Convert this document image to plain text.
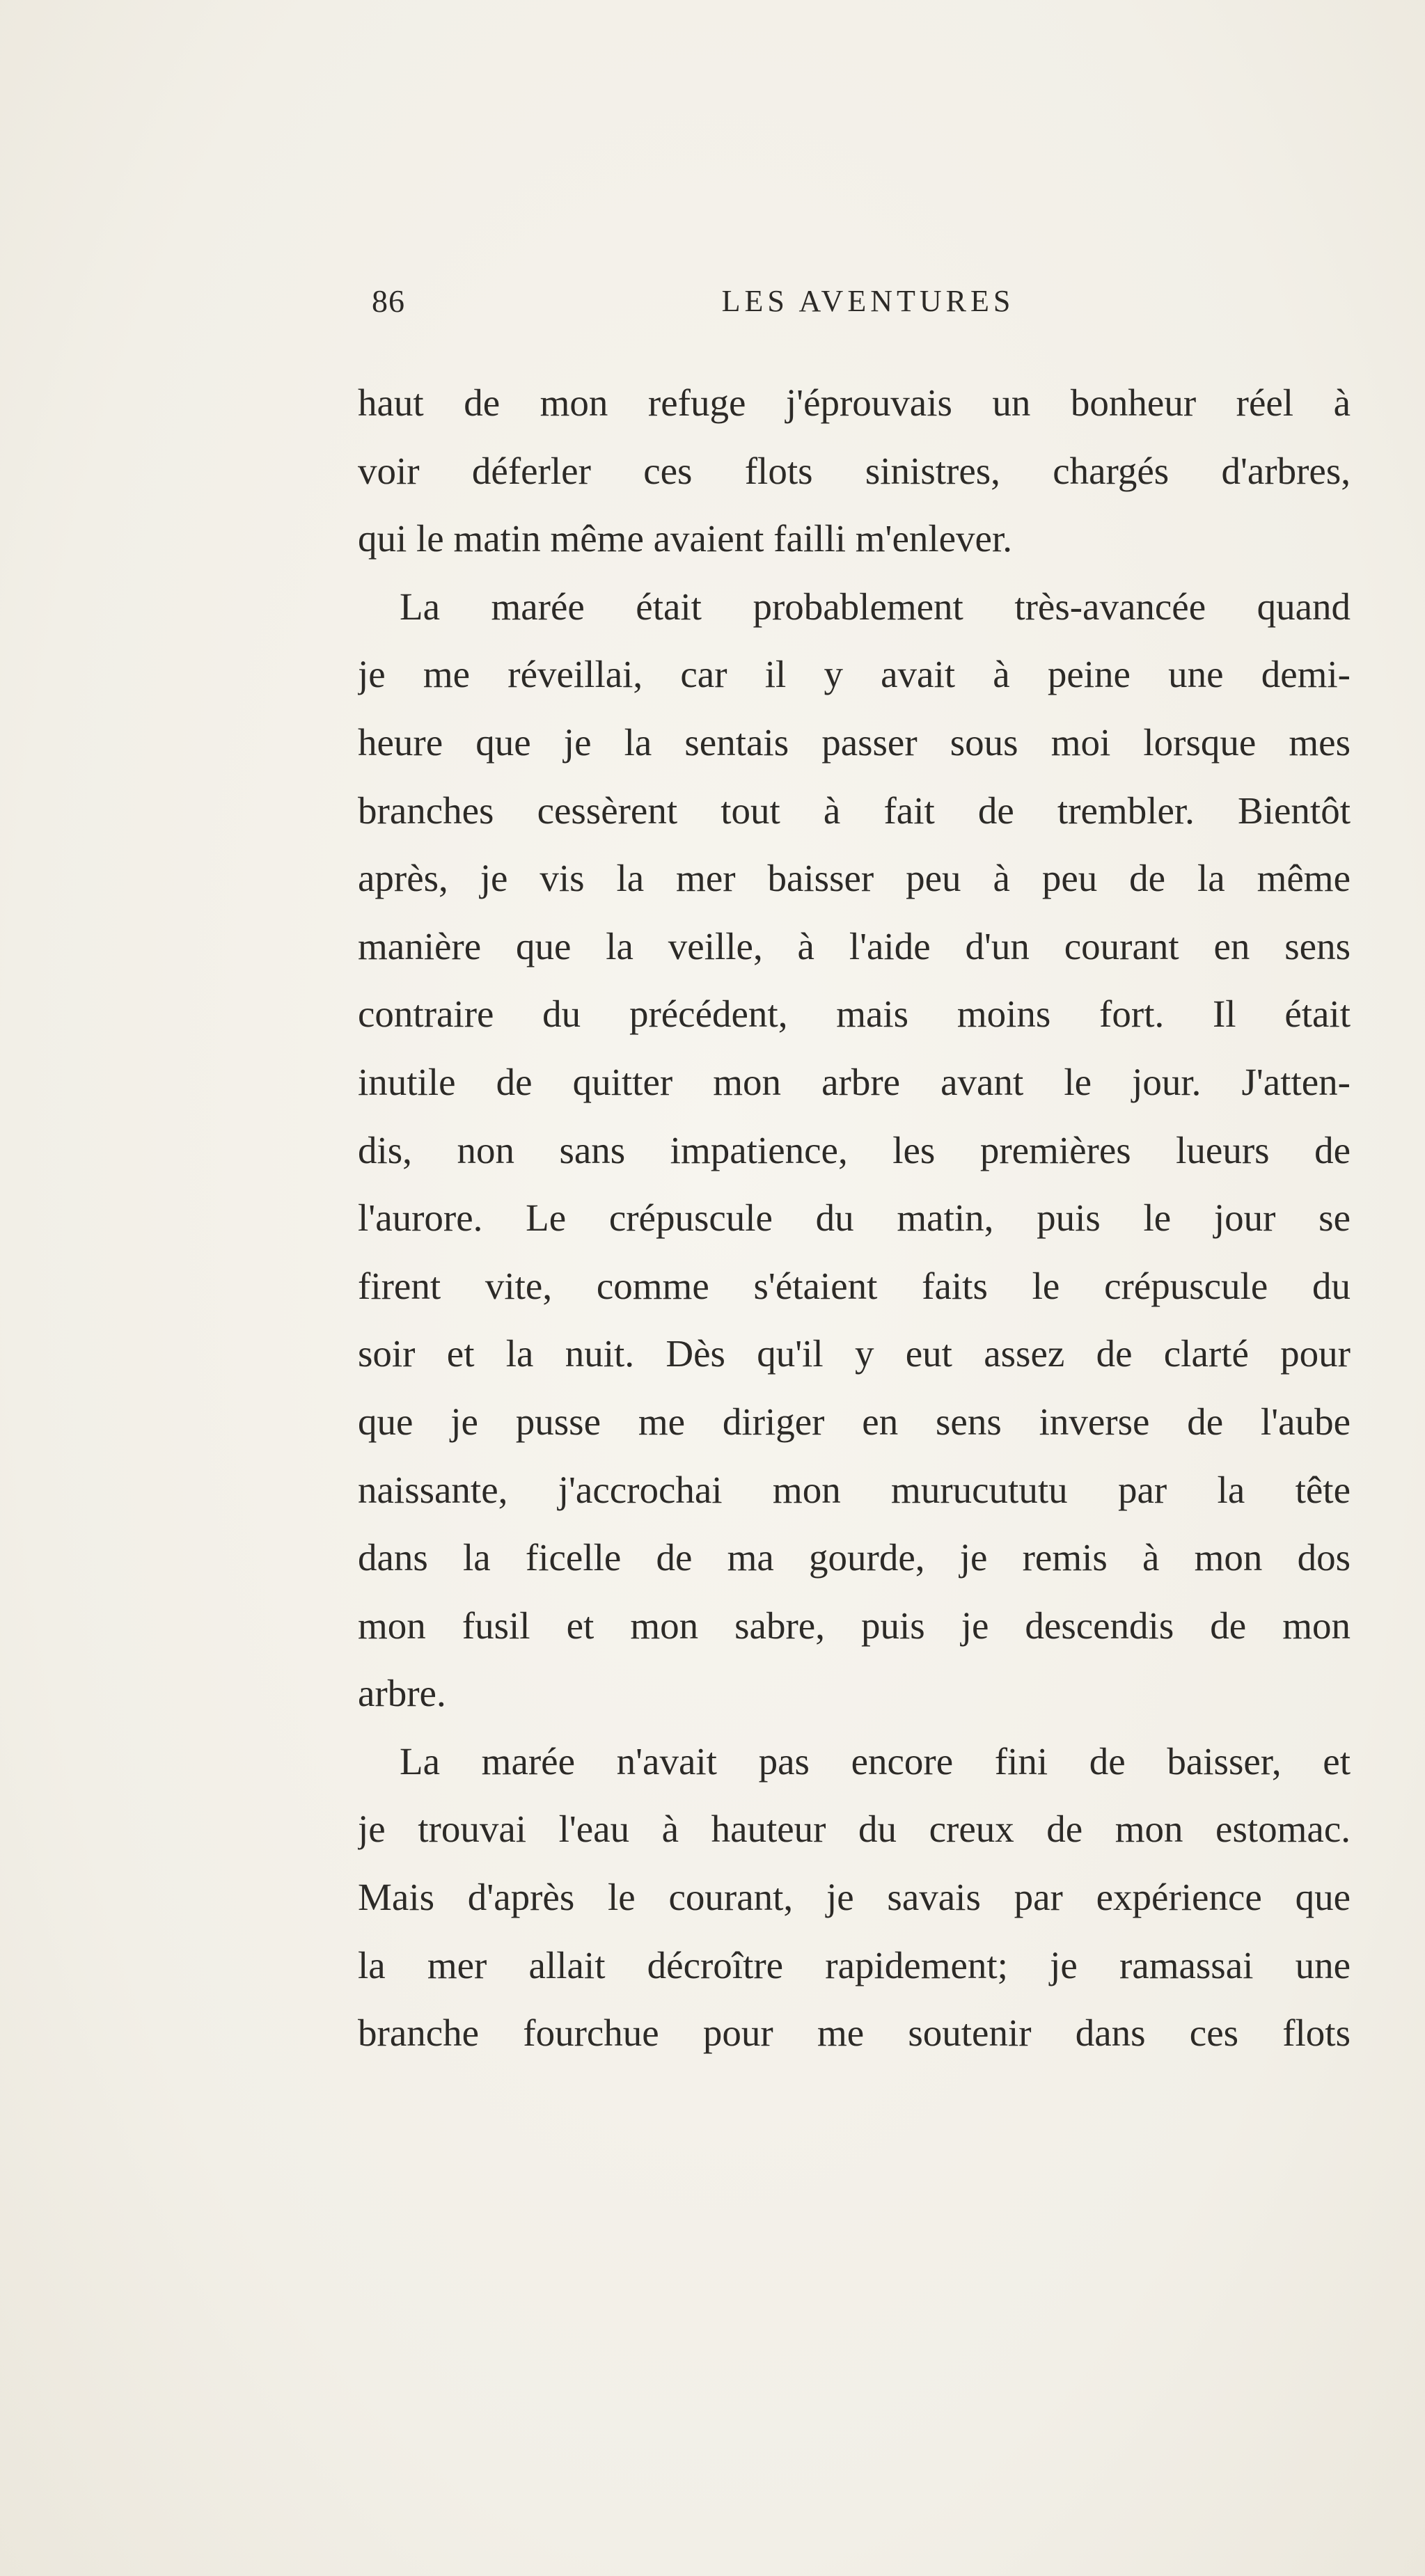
86	LES AVENTURES
haut de mon refuge j'éprouvais un bonheur réel à
voir déferler ces flots sinistres, chargés d'arbres,
qui le matin même avaient failli m'enlever.
La marée était probablement très-avancée quand
je me réveillai, car il y avait à peine une demi-
heure que je la sentais passer sous moi lorsque mes
branches cessèrent tout à fait de trembler. Bientôt
après, je vis la mer baisser peu à peu de la même
manière que la veille, à l'aide d'un courant en sens
contraire du précédent, mais moins fort. Il était
inutile de quitter mon arbre avant le jour. J'atten-
dis, non sans impatience, les premières lueurs de
l'aurore. Le crépuscule du matin, puis le jour se
firent vite, comme s'étaient faits le crépuscule du
soir et la nuit. Dès qu'il y eut assez de clarté pour
que je pusse me diriger en sens inverse de l'aube
naissante, j'accrochai mon murucututu par la tête
dans la ficelle de ma gourde, je remis à mon dos
mon fusil et mon sabre, puis je descendis de mon
arbre.
La marée n'avait pas encore fini de baisser, et
je trouvai l'eau à hauteur du creux de mon estomac.
Mais d'après le courant, je savais par expérience que
la mer allait décroître rapidement; je ramassai une
branche fourchue pour me soutenir dans ces flots
